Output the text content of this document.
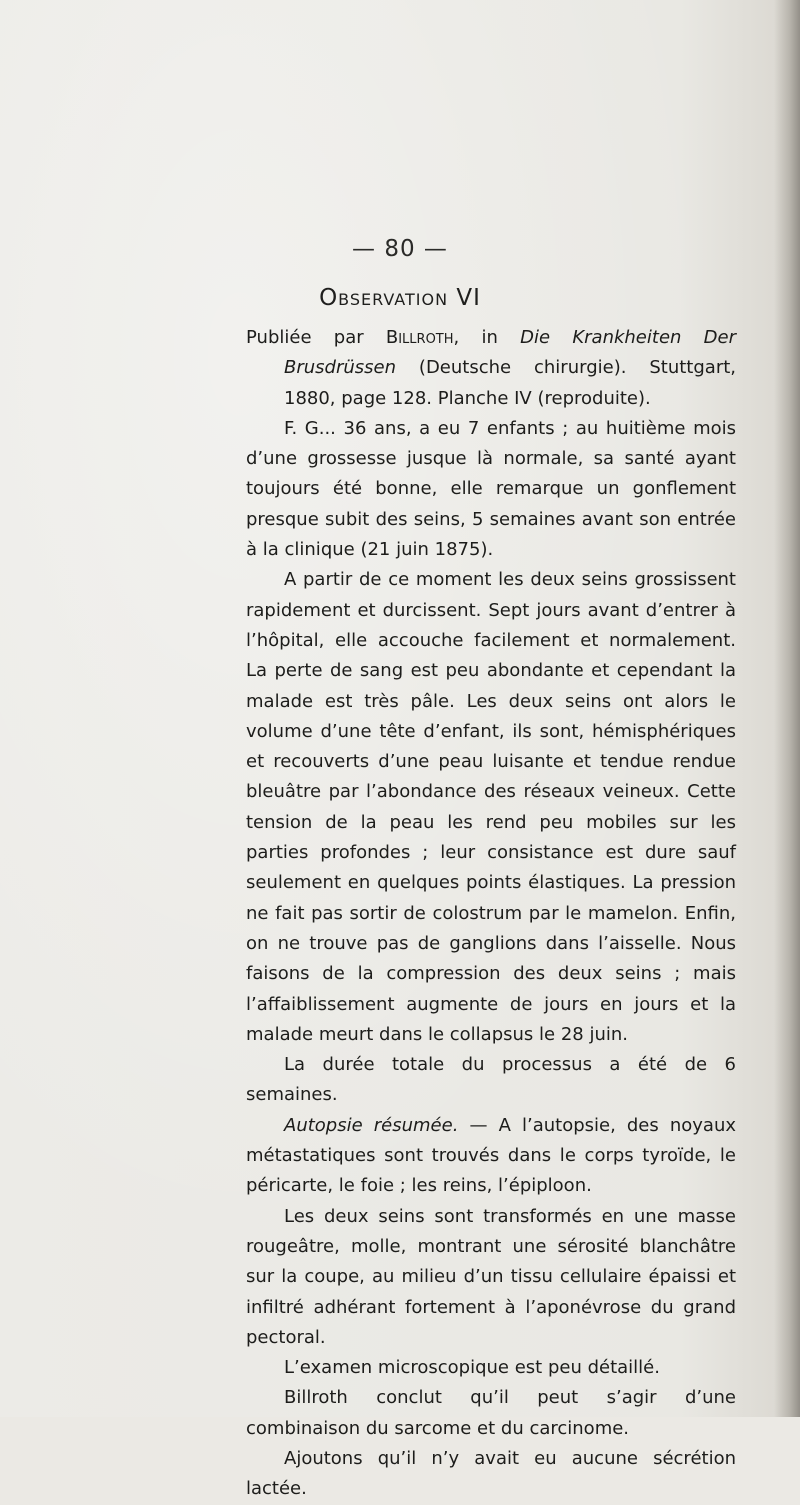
— 80 —
Observation VI

Publiée par Billroth, in Die Krankheiten Der Brusdrüssen (Deutsche chirurgie). Stuttgart, 1880, page 128. Planche IV (reproduite).

F. G... 36 ans, a eu 7 enfants ; au huitième mois d’une grossesse jusque là normale, sa santé ayant toujours été bonne, elle remarque un gonflement presque subit des seins, 5 semaines avant son entrée à la clinique (21 juin 1875).

A partir de ce moment les deux seins grossissent rapidement et durcissent. Sept jours avant d’entrer à l’hôpital, elle accouche facilement et normalement. La perte de sang est peu abondante et cependant la malade est très pâle. Les deux seins ont alors le volume d’une tête d’enfant, ils sont, hémisphériques et recouverts d’une peau luisante et tendue rendue bleuâtre par l’abondance des réseaux veineux. Cette tension de la peau les rend peu mobiles sur les parties profondes ; leur consistance est dure sauf seulement en quelques points élastiques. La pression ne fait pas sortir de colostrum par le mamelon. Enfin, on ne trouve pas de ganglions dans l’aisselle. Nous faisons de la compression des deux seins ; mais l’affaiblissement augmente de jours en jours et la malade meurt dans le collapsus le 28 juin.

La durée totale du processus a été de 6 semaines.

Autopsie résumée. — A l’autopsie, des noyaux métastatiques sont trouvés dans le corps tyroïde, le péricarte, le foie ; les reins, l’épiploon.

Les deux seins sont transformés en une masse rougeâtre, molle, montrant une sérosité blanchâtre sur la coupe, au milieu d’un tissu cellulaire épaissi et infiltré adhérant fortement à l’aponévrose du grand pectoral.

L’examen microscopique est peu détaillé.

Billroth conclut qu’il peut s’agir d’une combinaison du sarcome et du carcinome.

Ajoutons qu’il n’y avait eu aucune sécrétion lactée.
